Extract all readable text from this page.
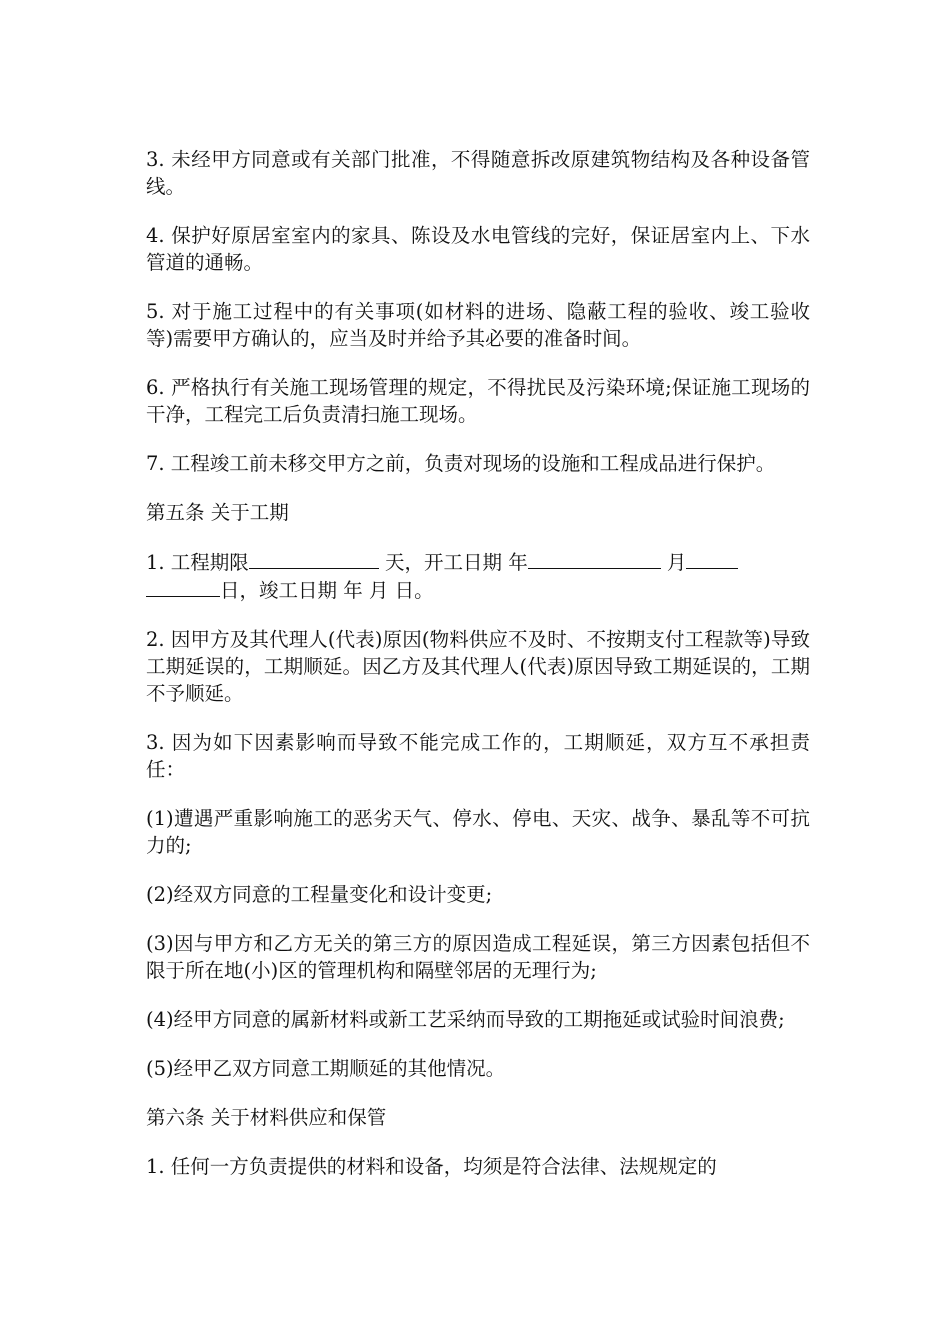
3. 未经甲方同意或有关部门批准，不得随意拆改原建筑物结构及各种设备管线。

4. 保护好原居室室内的家具、陈设及水电管线的完好，保证居室内上、下水管道的通畅。

5. 对于施工过程中的有关事项(如材料的进场、隐蔽工程的验收、竣工验收等)需要甲方确认的，应当及时并给予其必要的准备时间。

6. 严格执行有关施工现场管理的规定，不得扰民及污染环境;保证施工现场的干净，工程完工后负责清扫施工现场。

7. 工程竣工前未移交甲方之前，负责对现场的设施和工程成品进行保护。

第五条 关于工期

1. 工程期限	天，开工日期 年	月
日，竣工日期 年 月 日。

2. 因甲方及其代理人(代表)原因(物料供应不及时、不按期支付工程款等)导致工期延误的，工期顺延。因乙方及其代理人(代表)原因导致工期延误的，工期不予顺延。

3. 因为如下因素影响而导致不能完成工作的，工期顺延，双方互不承担责任：

(1)遭遇严重影响施工的恶劣天气、停水、停电、天灾、战争、暴乱等不可抗力的;

(2)经双方同意的工程量变化和设计变更;

(3)因与甲方和乙方无关的第三方的原因造成工程延误，第三方因素包括但不限于所在地(小)区的管理机构和隔壁邻居的无理行为;

(4)经甲方同意的属新材料或新工艺采纳而导致的工期拖延或试验时间浪费;

(5)经甲乙双方同意工期顺延的其他情况。

第六条 关于材料供应和保管

1. 任何一方负责提供的材料和设备，均须是符合法律、法规规定的
